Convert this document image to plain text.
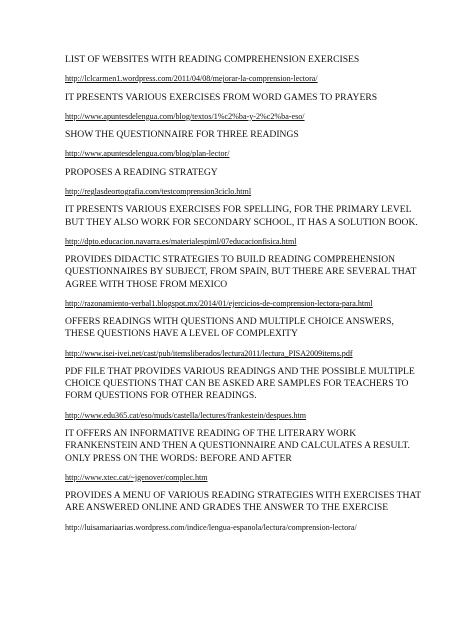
LIST OF WEBSITES WITH READING COMPREHENSION EXERCISES

http://lclcarmen1.wordpress.com/2011/04/08/mejorar-la-comprension-lectora/

IT PRESENTS VARIOUS EXERCISES FROM WORD GAMES TO PRAYERS

http://www.apuntesdelengua.com/blog/textos/1%c2%ba-y-2%c2%ba-eso/

SHOW THE QUESTIONNAIRE FOR THREE READINGS

http://www.apuntesdelengua.com/blog/plan-lector/

PROPOSES A READING STRATEGY

http://reglasdeortografia.com/testcomprension3ciclo.html

IT PRESENTS VARIOUS EXERCISES FOR SPELLING, FOR THE PRIMARY LEVEL BUT THEY ALSO WORK FOR SECONDARY SCHOOL, IT HAS A SOLUTION BOOK.

http://dpto.educacion.navarra.es/materialespiml/07educacionfisica.html

PROVIDES DIDACTIC STRATEGIES TO BUILD READING COMPREHENSION QUESTIONNAIRES BY SUBJECT, FROM SPAIN, BUT THERE ARE SEVERAL THAT AGREE WITH THOSE FROM MEXICO

http://razonamiento-verbal1.blogspot.mx/2014/01/ejercicios-de-comprension-lectora-para.html

OFFERS READINGS WITH QUESTIONS AND MULTIPLE CHOICE ANSWERS, THESE QUESTIONS HAVE A LEVEL OF COMPLEXITY

http://www.isei-ivei.net/cast/pub/itemsliberados/lectura2011/lectura_PISA2009items.pdf

PDF FILE THAT PROVIDES VARIOUS READINGS AND THE POSSIBLE MULTIPLE CHOICE QUESTIONS THAT CAN BE ASKED ARE SAMPLES FOR TEACHERS TO FORM QUESTIONS FOR OTHER READINGS.

http://www.edu365.cat/eso/muds/castella/lectures/frankestein/despues.htm

IT OFFERS AN INFORMATIVE READING OF THE LITERARY WORK FRANKENSTEIN AND THEN A QUESTIONNAIRE AND CALCULATES A RESULT. ONLY PRESS ON THE WORDS: BEFORE AND AFTER

http://www.xtec.cat/~jgenover/complec.htm

PROVIDES A MENU OF VARIOUS READING STRATEGIES WITH EXERCISES THAT ARE ANSWERED ONLINE AND GRADES THE ANSWER TO THE EXERCISE

http://luisamariaarias.wordpress.com/indice/lengua-espanola/lectura/comprension-lectora/
